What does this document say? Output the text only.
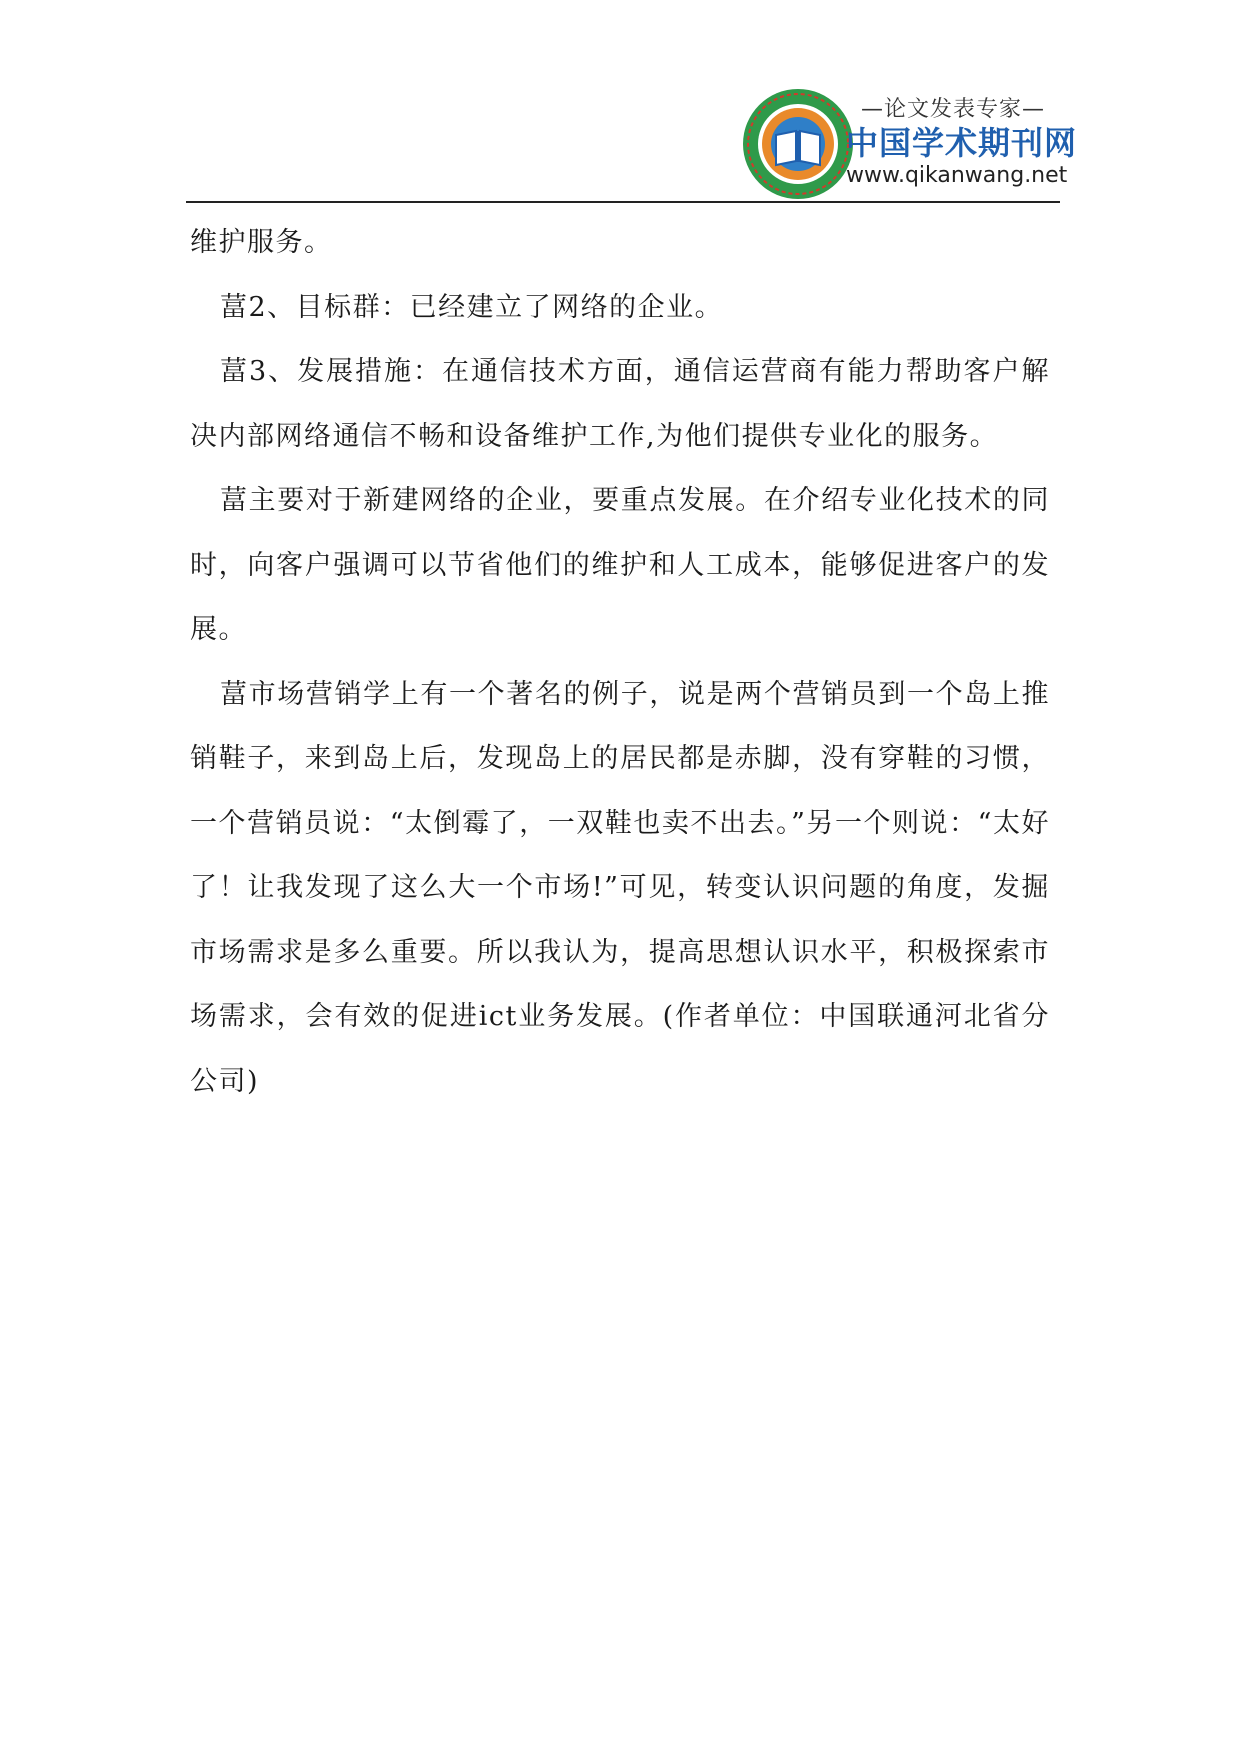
—论文发表专家—
中国学术期刊网
www.qikanwang.net

维护服务。

葍2、目标群：已经建立了网络的企业。

葍3、发展措施：在通信技术方面，通信运营商有能力帮助客户解决内部网络通信不畅和设备维护工作,为他们提供专业化的服务。

葍主要对于新建网络的企业，要重点发展。在介绍专业化技术的同时，向客户强调可以节省他们的维护和人工成本，能够促进客户的发展。

葍市场营销学上有一个著名的例子，说是两个营销员到一个岛上推销鞋子，来到岛上后，发现岛上的居民都是赤脚，没有穿鞋的习惯，一个营销员说：“太倒霉了，一双鞋也卖不出去。”另一个则说：“太好了！让我发现了这么大一个市场!”可见，转变认识问题的角度，发掘市场需求是多么重要。所以我认为，提高思想认识水平，积极探索市场需求，会有效的促进ict业务发展。(作者单位：中国联通河北省分公司)
